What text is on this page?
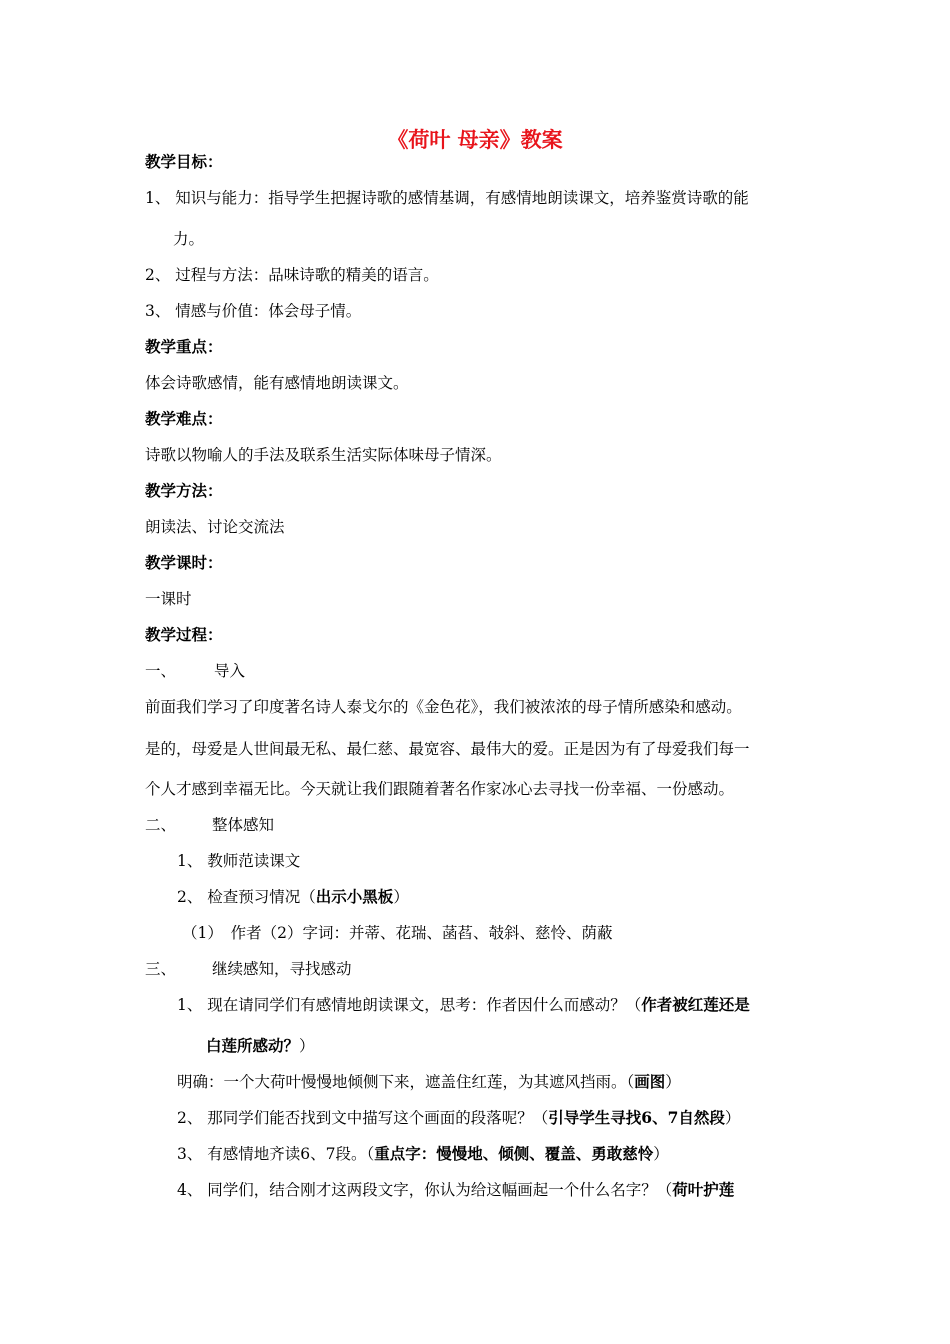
《荷叶 母亲》教案
教学目标：
1、 知识与能力：指导学生把握诗歌的感情基调，有感情地朗读课文，培养鉴赏诗歌的能
力。
2、 过程与方法：品味诗歌的精美的语言。
3、 情感与价值：体会母子情。
教学重点：
体会诗歌感情，能有感情地朗读课文。
教学难点：
诗歌以物喻人的手法及联系生活实际体味母子情深。
教学方法：
朗读法、讨论交流法
教学课时：
一课时
教学过程：
一、 导入
前面我们学习了印度著名诗人泰戈尔的《金色花》，我们被浓浓的母子情所感染和感动。
是的，母爱是人世间最无私、最仁慈、最宽容、最伟大的爱。正是因为有了母爱我们每一
个人才感到幸福无比。今天就让我们跟随着著名作家冰心去寻找一份幸福、一份感动。
二、 整体感知
1、 教师范读课文
2、 检查预习情况（出示小黑板）
（1）　作者（2）字词：并蒂、花瑞、菡萏、攲斜、慈怜、荫蔽
三、 继续感知，寻找感动
1、 现在请同学们有感情地朗读课文，思考：作者因什么而感动？（作者被红莲还是
白莲所感动？）
明确：一个大荷叶慢慢地倾侧下来，遮盖住红莲，为其遮风挡雨。（画图）
2、 那同学们能否找到文中描写这个画面的段落呢？（引导学生寻找6、7自然段）
3、 有感情地齐读6、7段。（重点字：慢慢地、倾侧、覆盖、勇敢慈怜）
4、 同学们，结合刚才这两段文字，你认为给这幅画起一个什么名字？（荷叶护莲
